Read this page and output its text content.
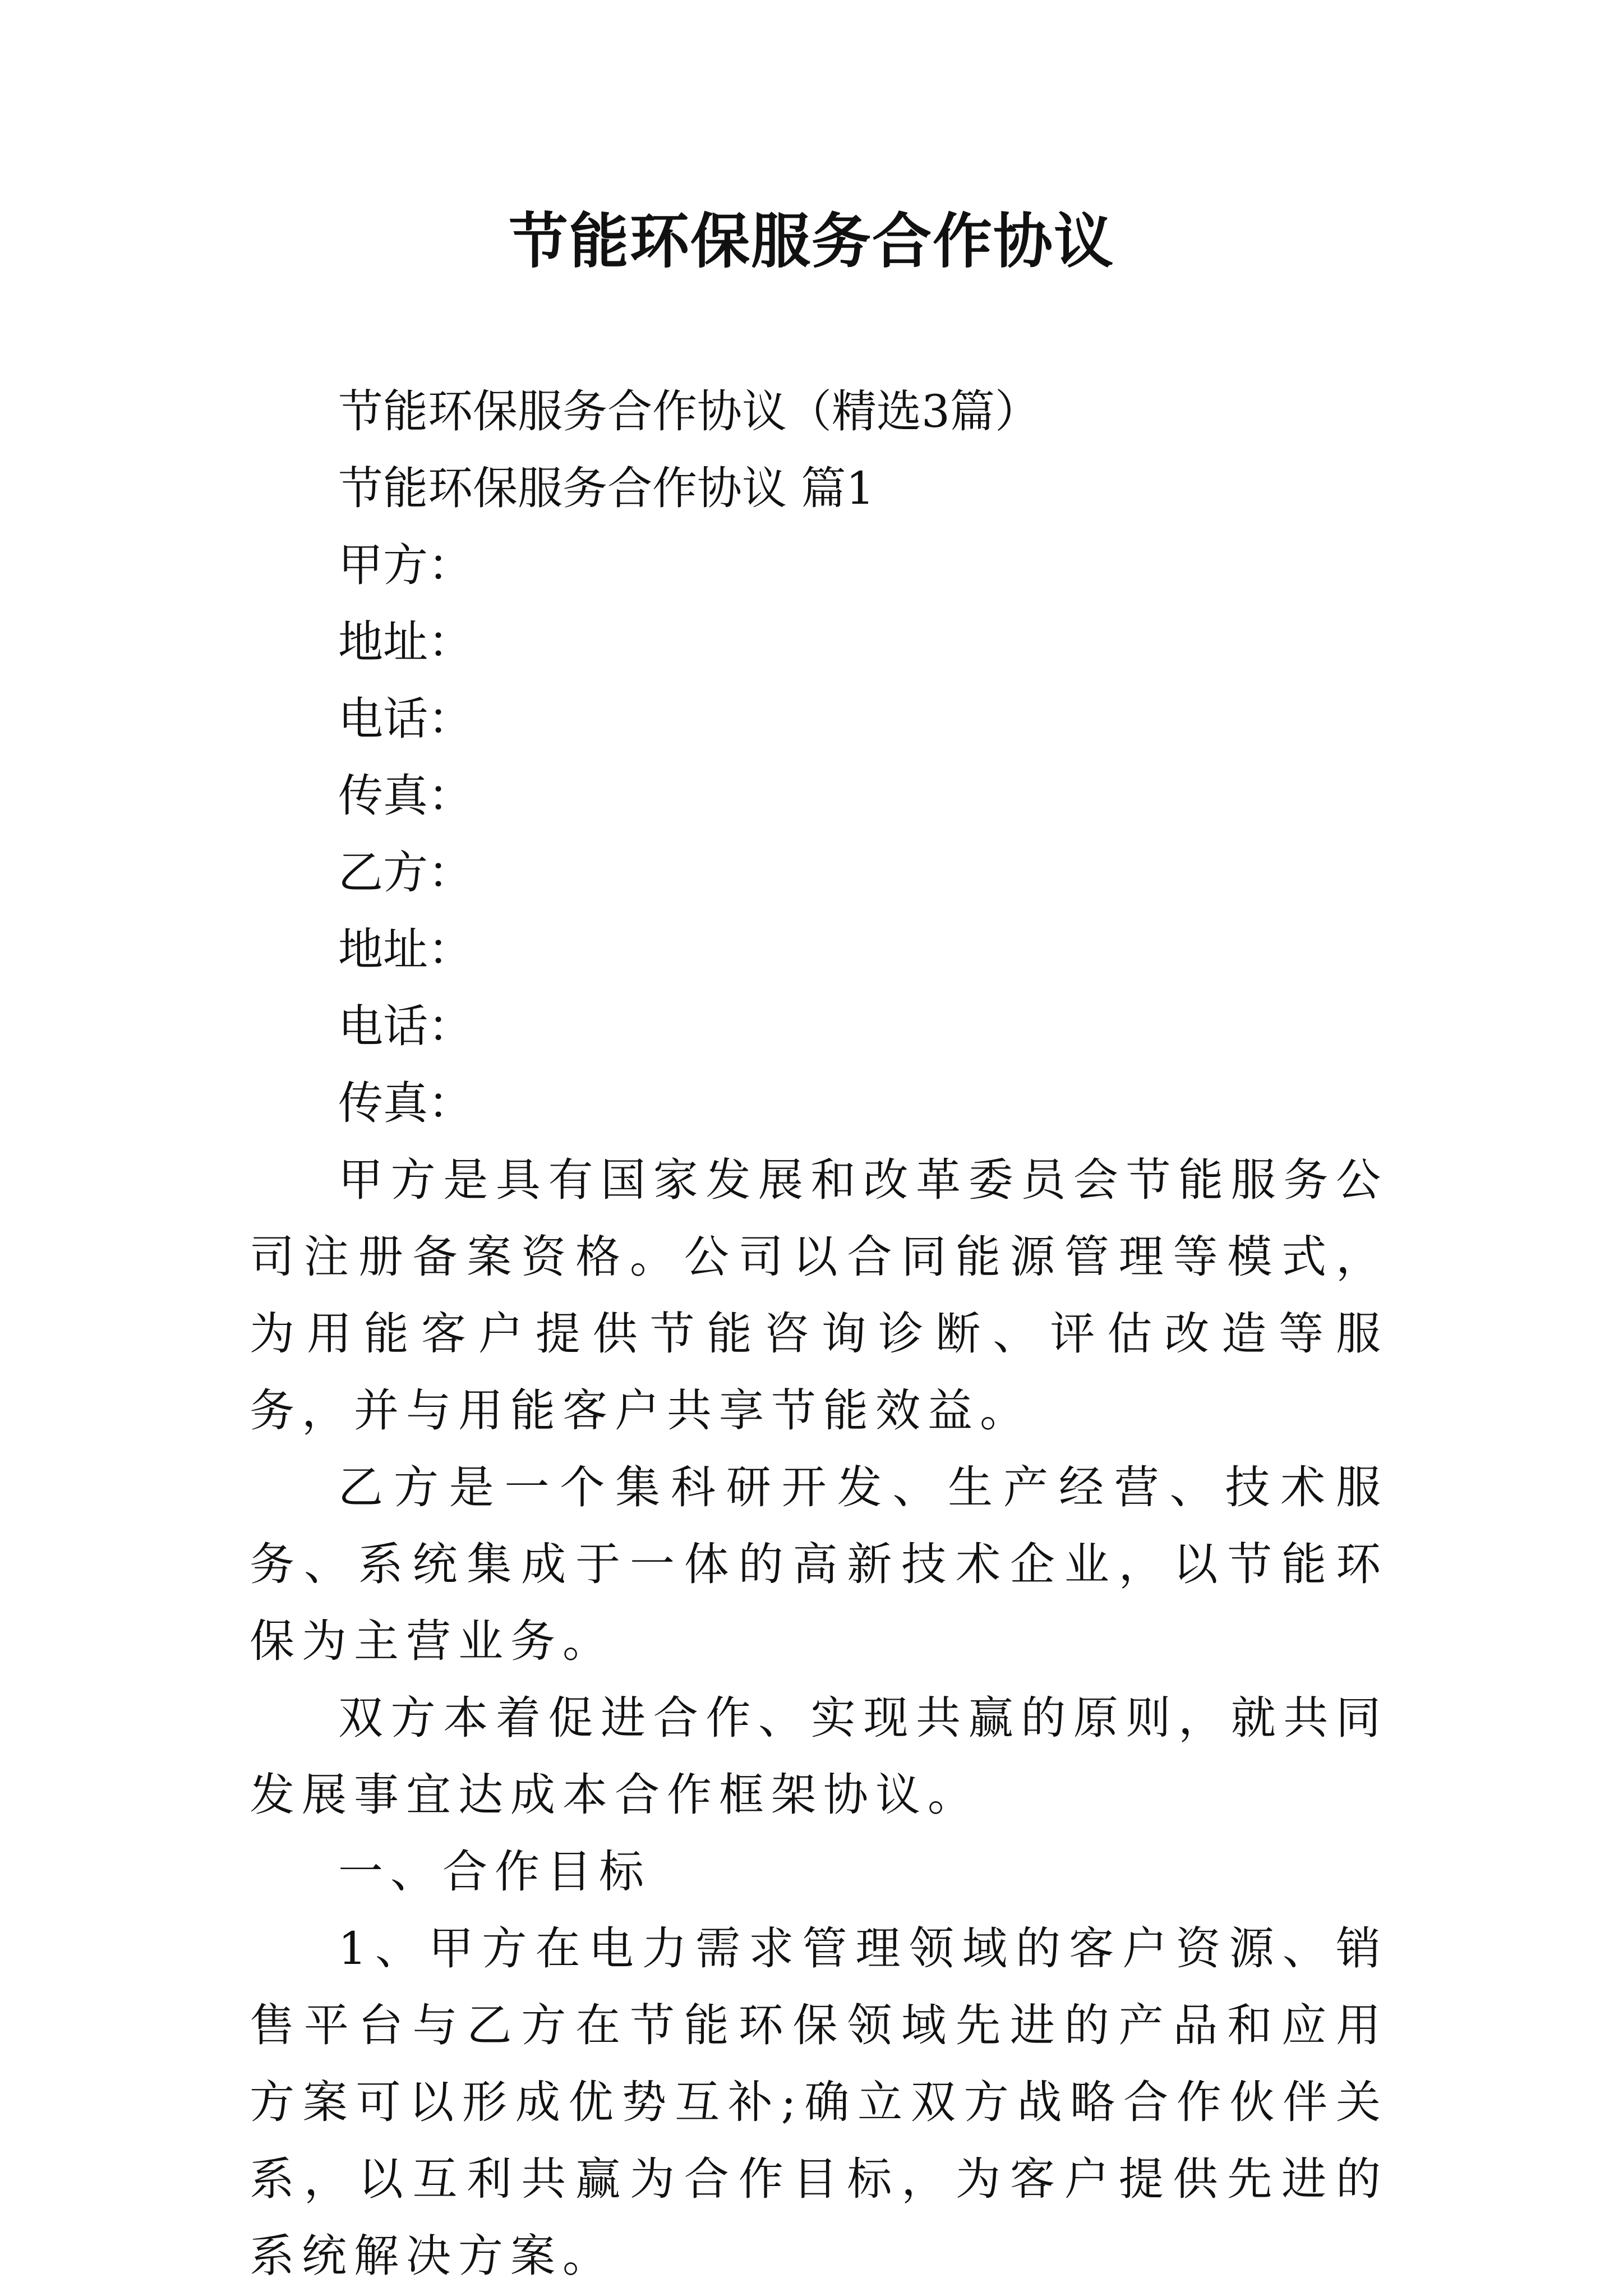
节能环保服务合作协议
节能环保服务合作协议（精选3篇）
节能环保服务合作协议 篇1
甲方：
地址：
电话：
传真：
乙方：
地址：
电话：
传真：

甲方是具有国家发展和改革委员会节能服务公司注册备案资格。公司以合同能源管理等模式，为用能客户提供节能咨询诊断、评估改造等服务，并与用能客户共享节能效益。

乙方是一个集科研开发、生产经营、技术服务、系统集成于一体的高新技术企业，以节能环保为主营业务。

双方本着促进合作、实现共赢的原则，就共同发展事宜达成本合作框架协议。

一、合作目标

1、甲方在电力需求管理领域的客户资源、销售平台与乙方在节能环保领域先进的产品和应用方案可以形成优势互补;确立双方战略合作伙伴关系，以互利共赢为合作目标，为客户提供先进的系统解决方案。
